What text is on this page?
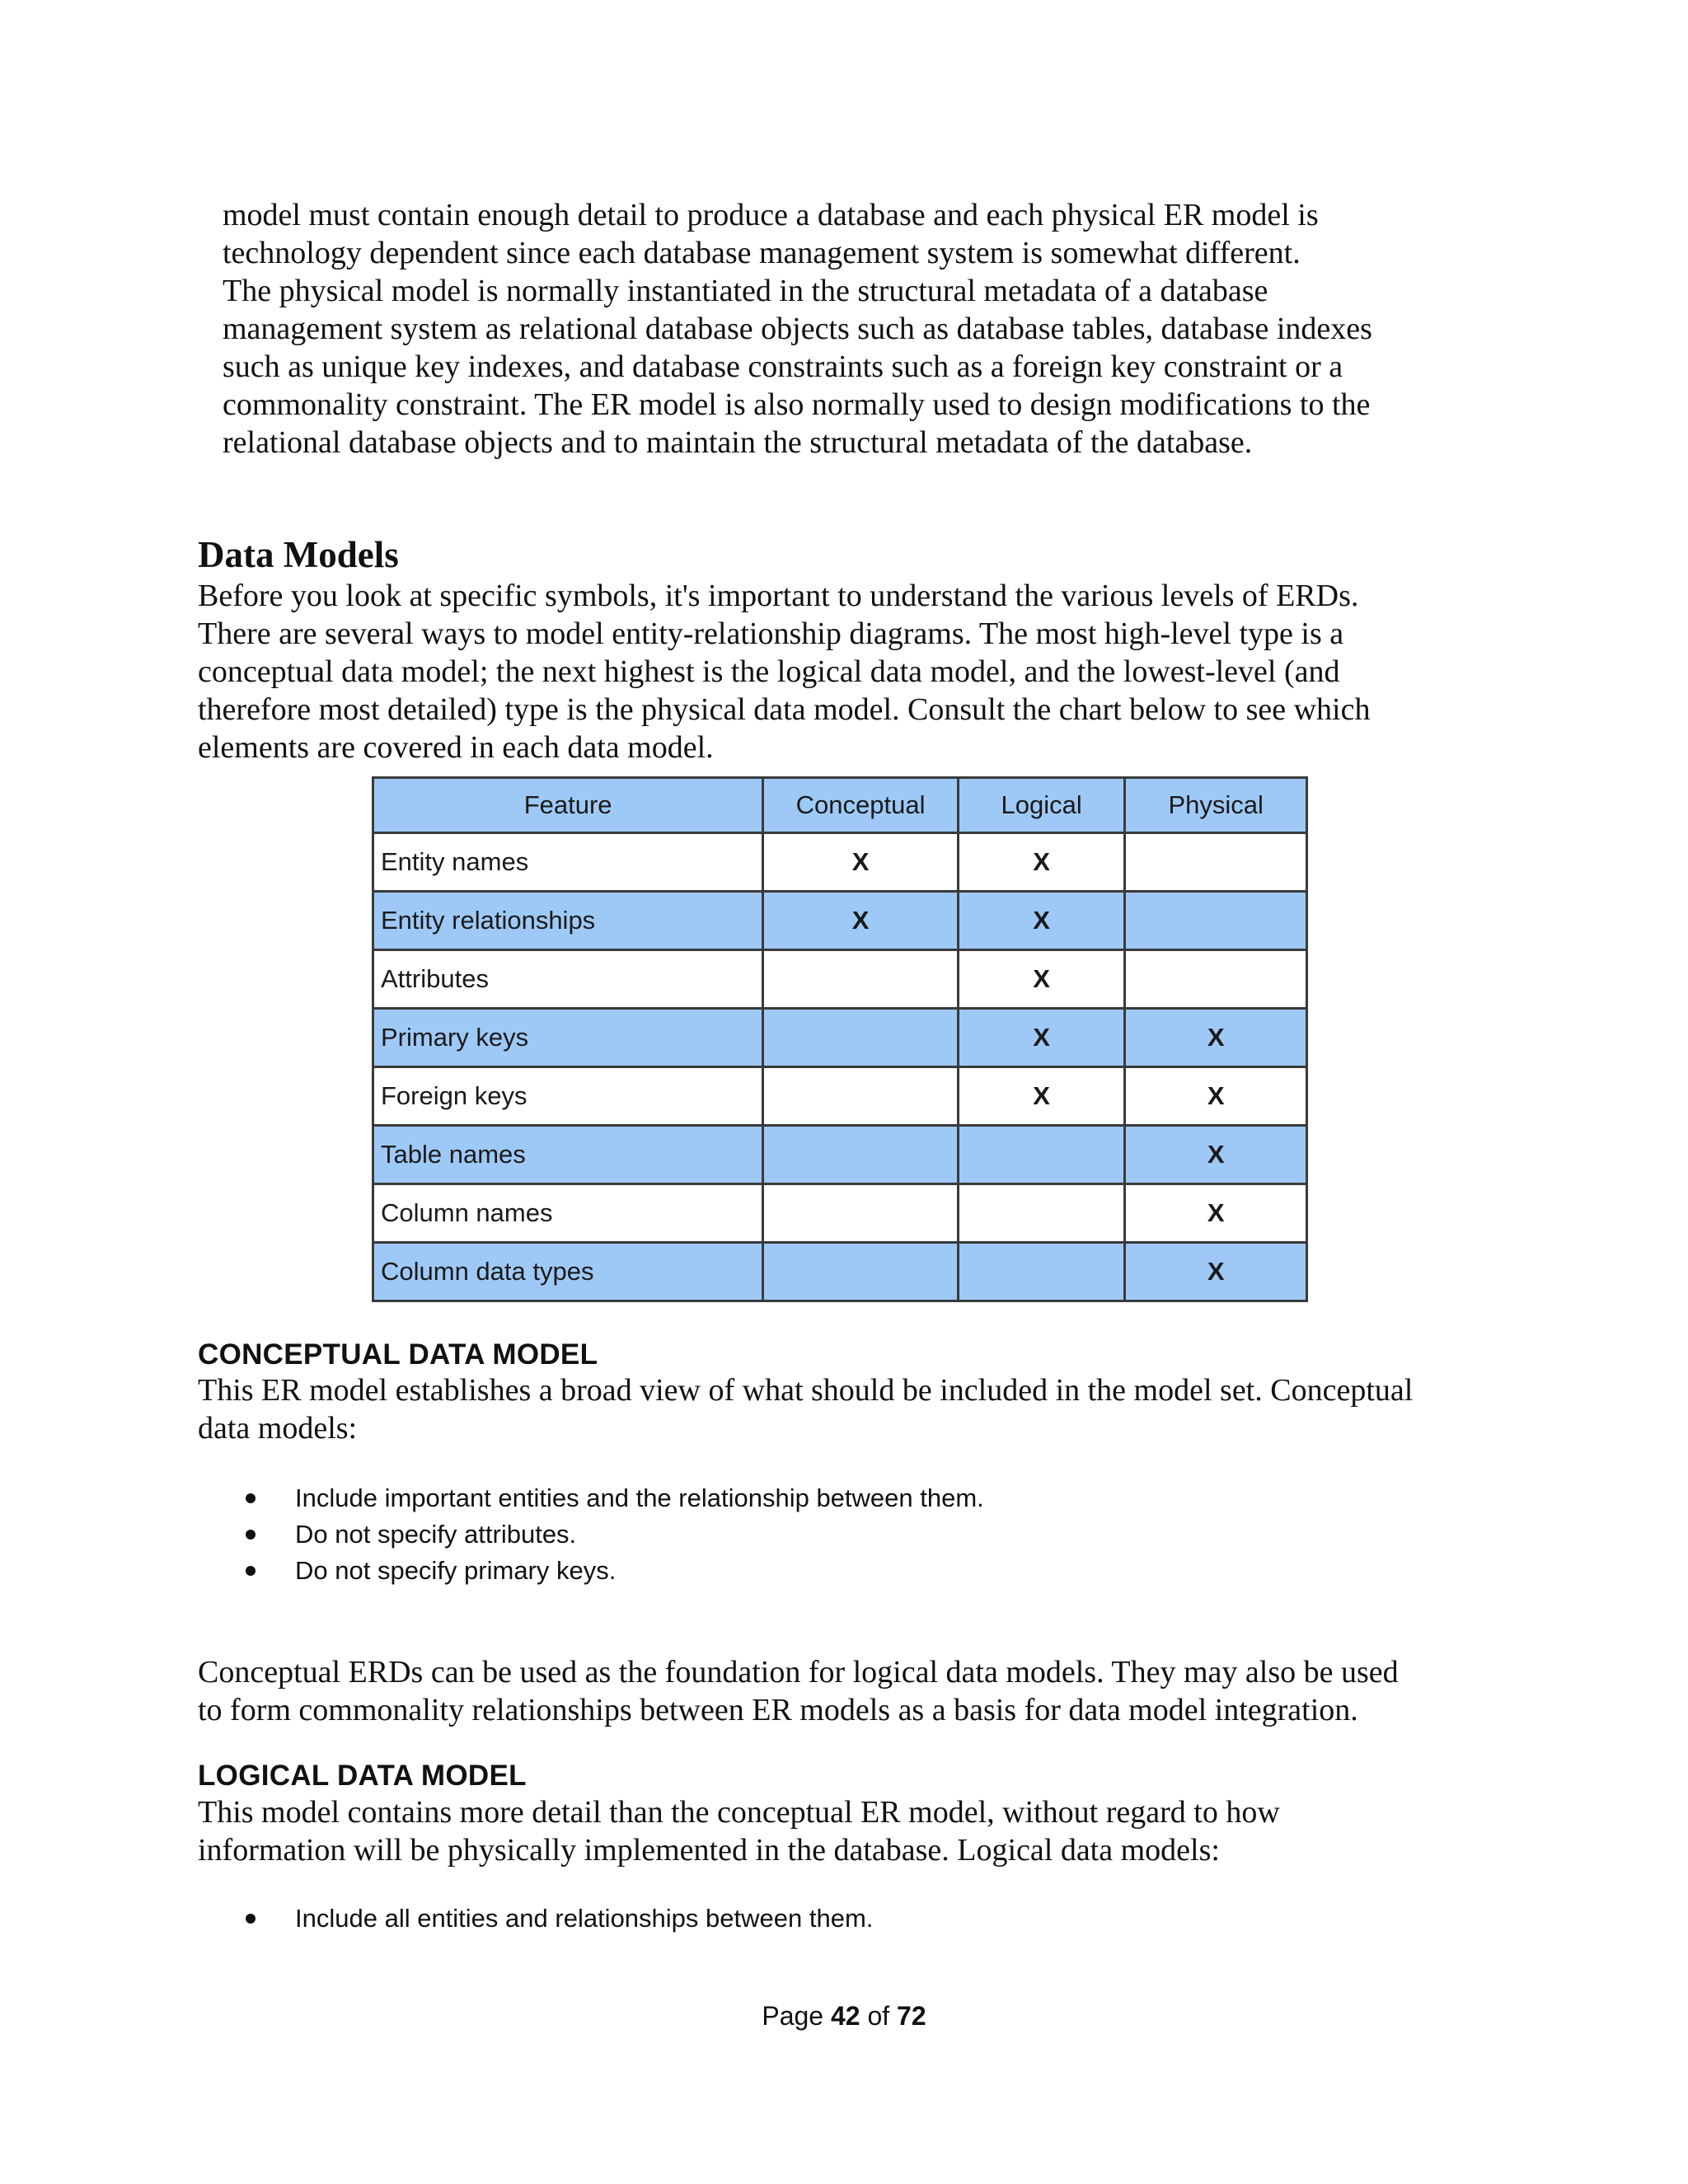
model must contain enough detail to produce a database and each physical ER model is
technology dependent since each database management system is somewhat different.
The physical model is normally instantiated in the structural metadata of a database
management system as relational database objects such as database tables, database indexes
such as unique key indexes, and database constraints such as a foreign key constraint or a
commonality constraint. The ER model is also normally used to design modifications to the
relational database objects and to maintain the structural metadata of the database.

Data Models

Before you look at specific symbols, it's important to understand the various levels of ERDs.
There are several ways to model entity-relationship diagrams. The most high-level type is a
conceptual data model; the next highest is the logical data model, and the lowest-level (and
therefore most detailed) type is the physical data model. Consult the chart below to see which
elements are covered in each data model.

Feature	Conceptual	Logical	Physical
Entity names	X	X	
Entity relationships	X	X	
Attributes		X	
Primary keys		X	X
Foreign keys		X	X
Table names			X
Column names			X
Column data types			X
CONCEPTUAL DATA MODEL

This ER model establishes a broad view of what should be included in the model set. Conceptual
data models:

Include important entities and the relationship between them.
Do not specify attributes.
Do not specify primary keys.

Conceptual ERDs can be used as the foundation for logical data models. They may also be used
to form commonality relationships between ER models as a basis for data model integration.

LOGICAL DATA MODEL

This model contains more detail than the conceptual ER model, without regard to how
information will be physically implemented in the database. Logical data models:

Include all entities and relationships between them.
Page 42 of 72
